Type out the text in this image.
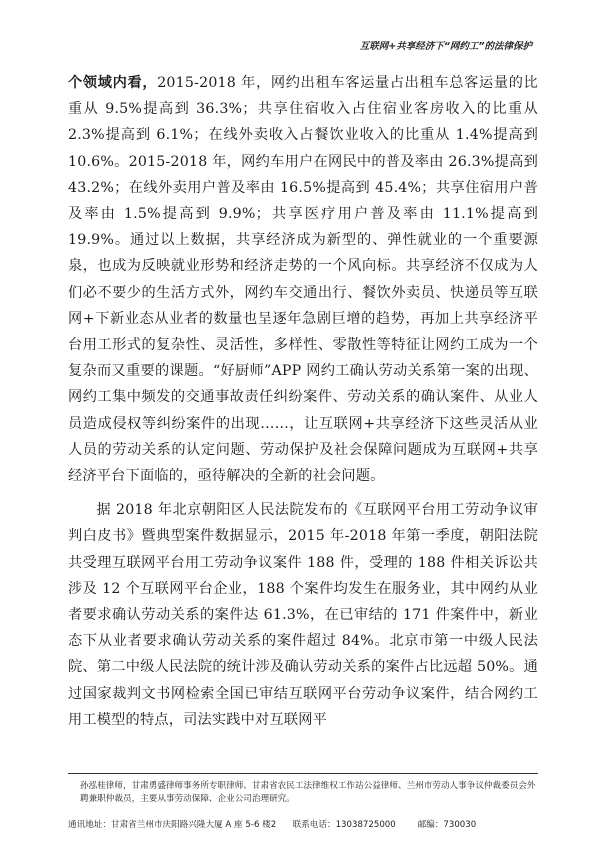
互联网+共享经济下“网约工”的法律保护

个领域内看，2015-2018 年，网约出租车客运量占出租车总客运量的比重从 9.5%提高到 36.3%；共享住宿收入占住宿业客房收入的比重从 2.3%提高到 6.1%；在线外卖收入占餐饮业收入的比重从 1.4%提高到 10.6%。2015-2018 年，网约车用户在网民中的普及率由 26.3%提高到 43.2%；在线外卖用户普及率由 16.5%提高到 45.4%；共享住宿用户普及率由 1.5%提高到 9.9%；共享医疗用户普及率由 11.1%提高到 19.9%。通过以上数据，共享经济成为新型的、弹性就业的一个重要源泉，也成为反映就业形势和经济走势的一个风向标。共享经济不仅成为人们必不要少的生活方式外，网约车交通出行、餐饮外卖员、快递员等互联网+下新业态从业者的数量也呈逐年急剧巨增的趋势，再加上共享经济平台用工形式的复杂性、灵活性，多样性、零散性等特征让网约工成为一个复杂而又重要的课题。“好厨师”APP 网约工确认劳动关系第一案的出现、网约工集中频发的交通事故责任纠纷案件、劳动关系的确认案件、从业人员造成侵权等纠纷案件的出现……，让互联网+共享经济下这些灵活从业人员的劳动关系的认定问题、劳动保护及社会保障问题成为互联网+共享经济平台下面临的，亟待解决的全新的社会问题。

据 2018 年北京朝阳区人民法院发布的《互联网平台用工劳动争议审判白皮书》暨典型案件数据显示，2015 年-2018 年第一季度，朝阳法院共受理互联网平台用工劳动争议案件 188 件，受理的 188 件相关诉讼共涉及 12 个互联网平台企业，188 个案件均发生在服务业，其中网约从业者要求确认劳动关系的案件达 61.3%，在已审结的 171 件案件中，新业态下从业者要求确认劳动关系的案件超过 84%。北京市第一中级人民法院、第二中级人民法院的统计涉及确认劳动关系的案件占比远超 50%。通过国家裁判文书网检索全国已审结互联网平台劳动争议案件，结合网约工用工模型的特点，司法实践中对互联网平

孙泓桂律师，甘肃勇盛律师事务所专职律师、甘肃省农民工法律维权工作站公益律师、兰州市劳动人事争议仲裁委员会外聘兼职仲裁员，主要从事劳动保障、企业公司治理研究。
通讯地址：甘肃省兰州市庆阳路兴隆大厦 A 座 5-6 楼2 联系电话：13038725000	邮编：730030
